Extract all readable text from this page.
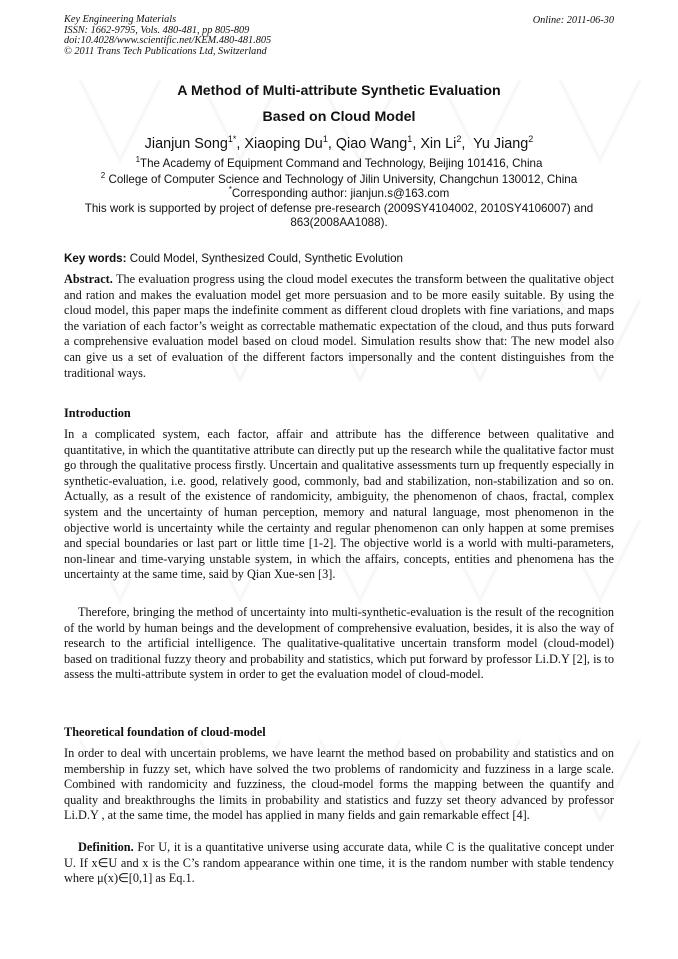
Key Engineering Materials
ISSN: 1662-9795, Vols. 480-481, pp 805-809
doi:10.4028/www.scientific.net/KEM.480-481.805
© 2011 Trans Tech Publications Ltd, Switzerland
Online: 2011-06-30
A Method of Multi-attribute Synthetic Evaluation
Based on Cloud Model
Jianjun Song$^{1*}$, Xiaoping Du$^1$, Qiao Wang$^1$, Xin Li$^2$,  Yu Jiang$^2$
$^1$The Academy of Equipment Command and Technology, Beijing 101416, China
$^2$ College of Computer Science and Technology of Jilin University, Changchun 130012, China
*Corresponding author: jianjun.s@163.com
This work is supported by project of defense pre-research (2009SY4104002, 2010SY4106007) and 863(2008AA1088).
Key words: Could Model, Synthesized Could, Synthetic Evolution
Abstract. The evaluation progress using the cloud model executes the transform between the qualitative object and ration and makes the evaluation model get more persuasion and to be more easily suitable. By using the cloud model, this paper maps the indefinite comment as different cloud droplets with fine variations, and maps the variation of each factor’s weight as correctable mathematic expectation of the cloud, and thus puts forward a comprehensive evaluation model based on cloud model. Simulation results show that: The new model also can give us a set of evaluation of the different factors impersonally and the content distinguishes from the traditional ways.
Introduction
In a complicated system, each factor, affair and attribute has the difference between qualitative and quantitative, in which the quantitative attribute can directly put up the research while the qualitative factor must go through the qualitative process firstly. Uncertain and qualitative assessments turn up frequently especially in synthetic-evaluation, i.e. good, relatively good, commonly, bad and stabilization, non-stabilization and so on. Actually, as a result of the existence of randomicity, ambiguity, the phenomenon of chaos, fractal, complex system and the uncertainty of human perception, memory and natural language, most phenomenon in the objective world is uncertainty while the certainty and regular phenomenon can only happen at some premises and special boundaries or last part or little time [1-2]. The objective world is a world with multi-parameters, non-linear and time-varying unstable system, in which the affairs, concepts, entities and phenomena has the uncertainty at the same time, said by Qian Xue-sen [3].
Therefore, bringing the method of uncertainty into multi-synthetic-evaluation is the result of the recognition of the world by human beings and the development of comprehensive evaluation, besides, it is also the way of research to the artificial intelligence. The qualitative-qualitative uncertain transform model (cloud-model) based on traditional fuzzy theory and probability and statistics, which put forward by professor Li.D.Y [2], is to assess the multi-attribute system in order to get the evaluation model of cloud-model.
Theoretical foundation of cloud-model
In order to deal with uncertain problems, we have learnt the method based on probability and statistics and on membership in fuzzy set, which have solved the two problems of randomicity and fuzziness in a large scale. Combined with randomicity and fuzziness, the cloud-model forms the mapping between the quantify and quality and breakthroughs the limits in probability and statistics and fuzzy set theory advanced by professor Li.D.Y , at the same time, the model has applied in many fields and gain remarkable effect [4].
Definition. For U, it is a quantitative universe using accurate data, while C is the qualitative concept under U. If x∈U and x is the C’s random appearance within one time, it is the random number with stable tendency where μ(x)∈[0,1] as Eq.1.
